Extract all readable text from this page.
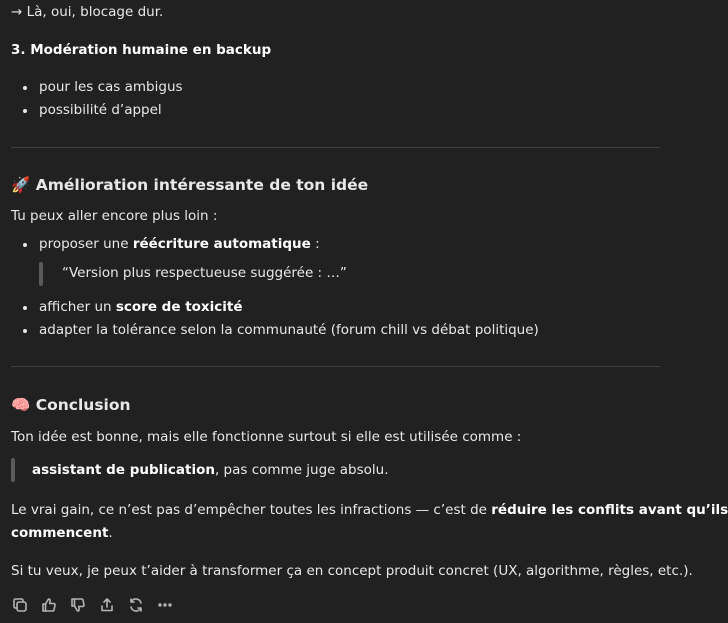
→ Là, oui, blocage dur.
3. Modération humaine en backup
pour les cas ambigus
possibilité d’appel
🚀 Amélioration intéressante de ton idée
Tu peux aller encore plus loin :
proposer une réécriture automatique :
“Version plus respectueuse suggérée : …”
afficher un score de toxicité
adapter la tolérance selon la communauté (forum chill vs débat politique)
🧠 Conclusion
Ton idée est bonne, mais elle fonctionne surtout si elle est utilisée comme :
assistant de publication, pas comme juge absolu.
Le vrai gain, ce n’est pas d’empêcher toutes les infractions — c’est de réduire les conflits avant qu’ils
commencent.
Si tu veux, je peux t’aider à transformer ça en concept produit concret (UX, algorithme, règles, etc.).
